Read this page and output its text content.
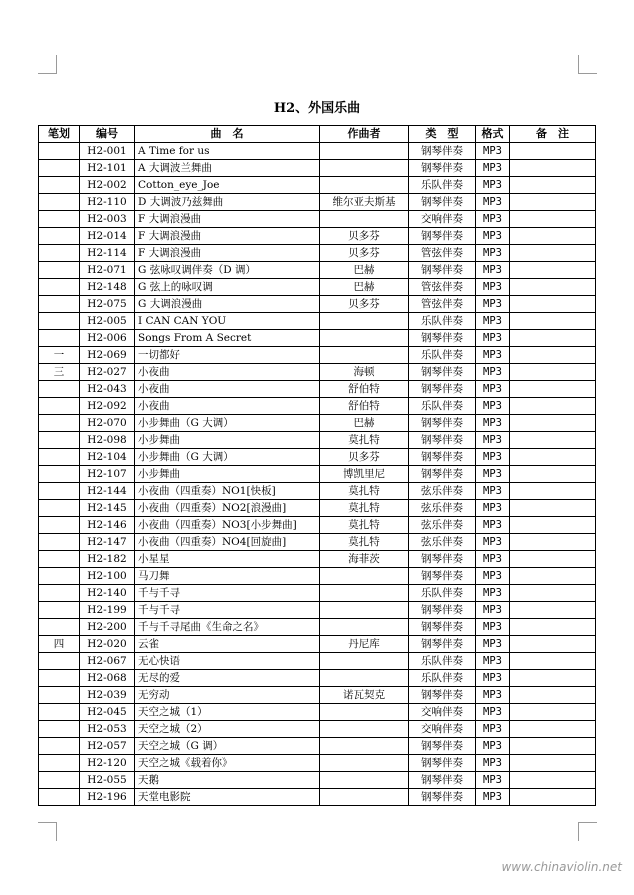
H2、外国乐曲
笔划	编号	曲　名	作曲者	类　型	格式	备　注
	H2-001	A Time for us		钢琴伴奏	MP3	
	H2-101	A 大调波兰舞曲		钢琴伴奏	MP3	
	H2-002	Cotton_eye_Joe		乐队伴奏	MP3	
	H2-110	D 大调波乃兹舞曲	维尔亚夫斯基	钢琴伴奏	MP3	
	H2-003	F 大调浪漫曲		交响伴奏	MP3	
	H2-014	F 大调浪漫曲	贝多芬	钢琴伴奏	MP3	
	H2-114	F 大调浪漫曲	贝多芬	管弦伴奏	MP3	
	H2-071	G 弦咏叹调伴奏（D 调）	巴赫	钢琴伴奏	MP3	
	H2-148	G 弦上的咏叹调	巴赫	管弦伴奏	MP3	
	H2-075	G 大调浪漫曲	贝多芬	管弦伴奏	MP3	
	H2-005	I CAN CAN YOU		乐队伴奏	MP3	
	H2-006	Songs From A Secret		钢琴伴奏	MP3	
一	H2-069	一切都好		乐队伴奏	MP3	
三	H2-027	小夜曲	海顿	钢琴伴奏	MP3	
	H2-043	小夜曲	舒伯特	钢琴伴奏	MP3	
	H2-092	小夜曲	舒伯特	乐队伴奏	MP3	
	H2-070	小步舞曲（G 大调）	巴赫	钢琴伴奏	MP3	
	H2-098	小步舞曲	莫扎特	钢琴伴奏	MP3	
	H2-104	小步舞曲（G 大调）	贝多芬	钢琴伴奏	MP3	
	H2-107	小步舞曲	博凯里尼	钢琴伴奏	MP3	
	H2-144	小夜曲（四重奏）NO1[快板]	莫扎特	弦乐伴奏	MP3	
	H2-145	小夜曲（四重奏）NO2[浪漫曲]	莫扎特	弦乐伴奏	MP3	
	H2-146	小夜曲（四重奏）NO3[小步舞曲]	莫扎特	弦乐伴奏	MP3	
	H2-147	小夜曲（四重奏）NO4[回旋曲]	莫扎特	弦乐伴奏	MP3	
	H2-182	小星星	海菲茨	钢琴伴奏	MP3	
	H2-100	马刀舞		钢琴伴奏	MP3	
	H2-140	千与千寻		乐队伴奏	MP3	
	H2-199	千与千寻		钢琴伴奏	MP3	
	H2-200	千与千寻尾曲《生命之名》		钢琴伴奏	MP3	
四	H2-020	云雀	丹尼库	钢琴伴奏	MP3	
	H2-067	无心快语		乐队伴奏	MP3	
	H2-068	无尽的爱		乐队伴奏	MP3	
	H2-039	无穷动	诺瓦契克	钢琴伴奏	MP3	
	H2-045	天空之城（1）		交响伴奏	MP3	
	H2-053	天空之城（2）		交响伴奏	MP3	
	H2-057	天空之城（G 调）		钢琴伴奏	MP3	
	H2-120	天空之城《载着你》		钢琴伴奏	MP3	
	H2-055	天鹅		钢琴伴奏	MP3	
	H2-196	天堂电影院		钢琴伴奏	MP3	
www.chinaviolin.net
